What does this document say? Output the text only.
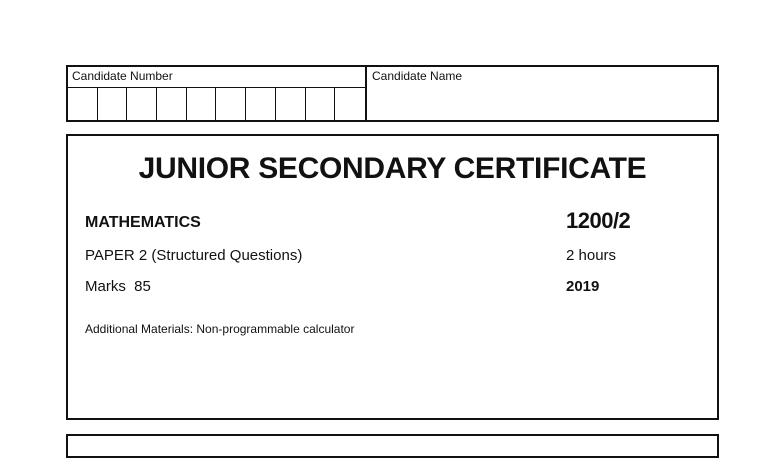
Candidate Number	Candidate Name
JUNIOR SECONDARY CERTIFICATE
MATHEMATICS	1200/2
PAPER 2 (Structured Questions)	2 hours
Marks  85	2019
Additional Materials: Non-programmable calculator
